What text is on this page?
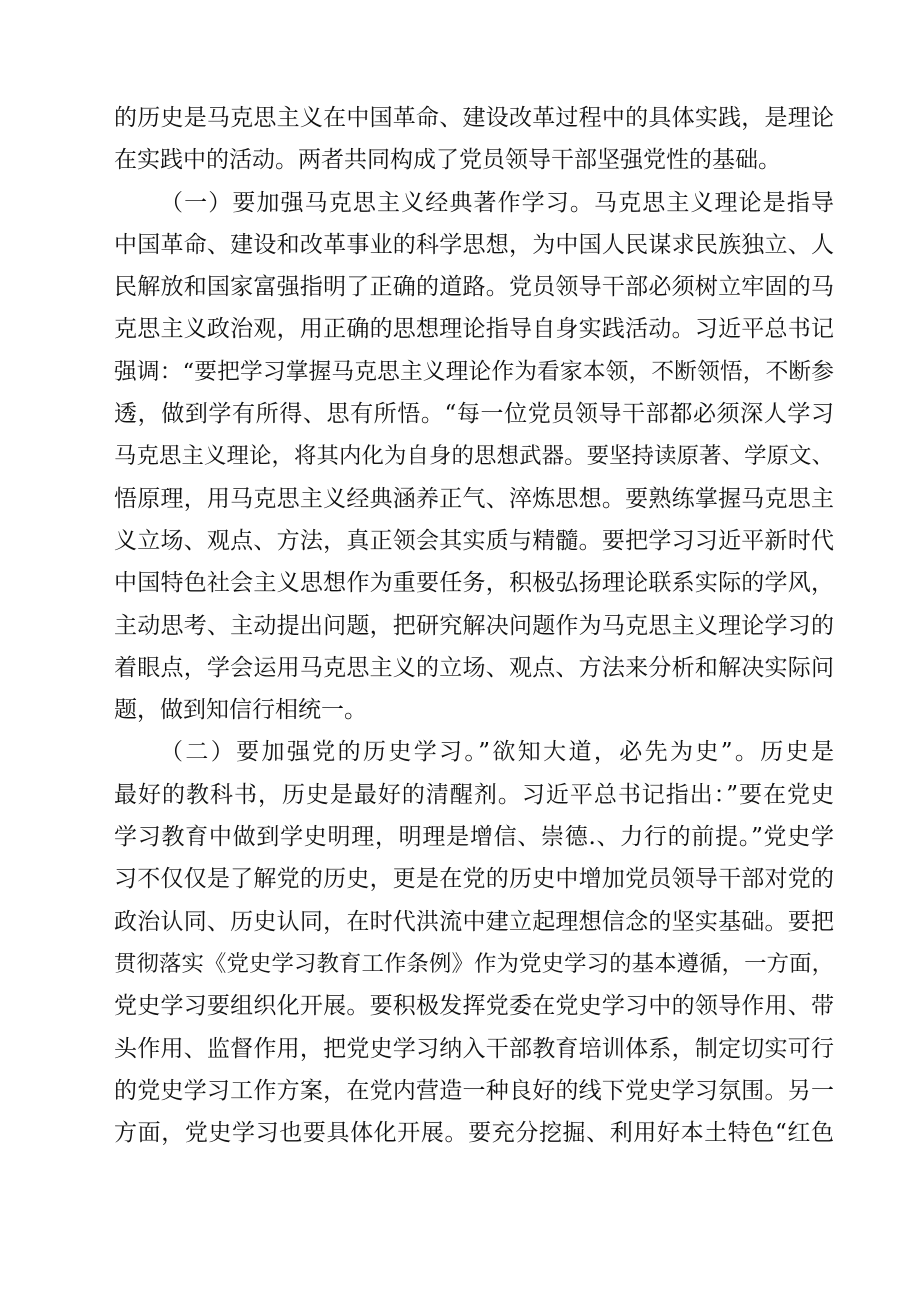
的历史是马克思主义在中国革命、建设改革过程中的具体实践，是理论
在实践中的活动。两者共同构成了党员领导干部坚强党性的基础。
（一）要加强马克思主义经典著作学习。马克思主义理论是指导
中国革命、建设和改革事业的科学思想，为中国人民谋求民族独立、人
民解放和国家富强指明了正确的道路。党员领导干部必须树立牢固的马
克思主义政治观，用正确的思想理论指导自身实践活动。习近平总书记
强调：“要把学习掌握马克思主义理论作为看家本领，不断领悟，不断参
透，做到学有所得、思有所悟。“每一位党员领导干部都必须深人学习
马克思主义理论，将其内化为自身的思想武器。要坚持读原著、学原文、
悟原理，用马克思主义经典涵养正气、淬炼思想。要熟练掌握马克思主
义立场、观点、方法，真正领会其实质与精髓。要把学习习近平新时代
中国特色社会主义思想作为重要任务，积极弘扬理论联系实际的学风，
主动思考、主动提出问题，把研究解决问题作为马克思主义理论学习的
着眼点，学会运用马克思主义的立场、观点、方法来分析和解决实际问
题，做到知信行相统一。
（二）要加强党的历史学习。”欲知大道，必先为史”。历史是
最好的教科书，历史是最好的清醒剂。习近平总书记指出：”要在党史
学习教育中做到学史明理，明理是增信、崇德.、力行的前提。”党史学
习不仅仅是了解党的历史，更是在党的历史中增加党员领导干部对党的
政治认同、历史认同，在时代洪流中建立起理想信念的坚实基础。要把
贯彻落实《党史学习教育工作条例》作为党史学习的基本遵循，一方面，
党史学习要组织化开展。要积极发挥党委在党史学习中的领导作用、带
头作用、监督作用，把党史学习纳入干部教育培训体系，制定切实可行
的党史学习工作方案，在党内营造一种良好的线下党史学习氛围。另一
方面，党史学习也要具体化开展。要充分挖掘、利用好本土特色“红色
